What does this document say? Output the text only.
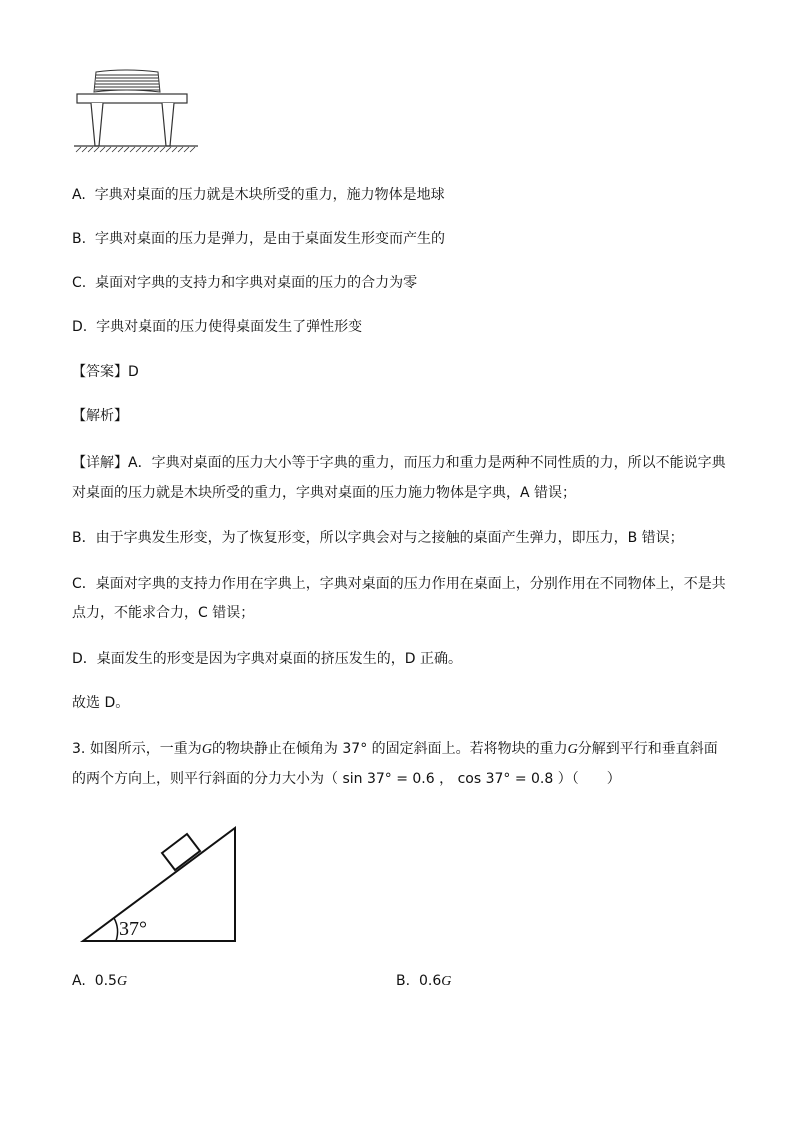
A. 字典对桌面的压力就是木块所受的重力，施力物体是地球
B. 字典对桌面的压力是弹力，是由于桌面发生形变而产生的
C. 桌面对字典的支持力和字典对桌面的压力的合力为零
D. 字典对桌面的压力使得桌面发生了弹性形变
【答案】D
【解析】
【详解】A．字典对桌面的压力大小等于字典的重力，而压力和重力是两种不同性质的力，所以不能说字典
对桌面的压力就是木块所受的重力，字典对桌面的压力施力物体是字典，A 错误；
B．由于字典发生形变，为了恢复形变，所以字典会对与之接触的桌面产生弹力，即压力，B 错误；
C．桌面对字典的支持力作用在字典上，字典对桌面的压力作用在桌面上，分别作用在不同物体上，不是共
点力，不能求合力，C 错误；
D．桌面发生的形变是因为字典对桌面的挤压发生的，D 正确。
故选 D。
3. 如图所示，一重为G的物块静止在倾角为 37° 的固定斜面上。若将物块的重力G分解到平行和垂直斜面
的两个方向上，则平行斜面的分力大小为（ sin 37° = 0.6 ， cos 37° = 0.8 ）（　　）
37°
A. 0.5G	B. 0.6G
